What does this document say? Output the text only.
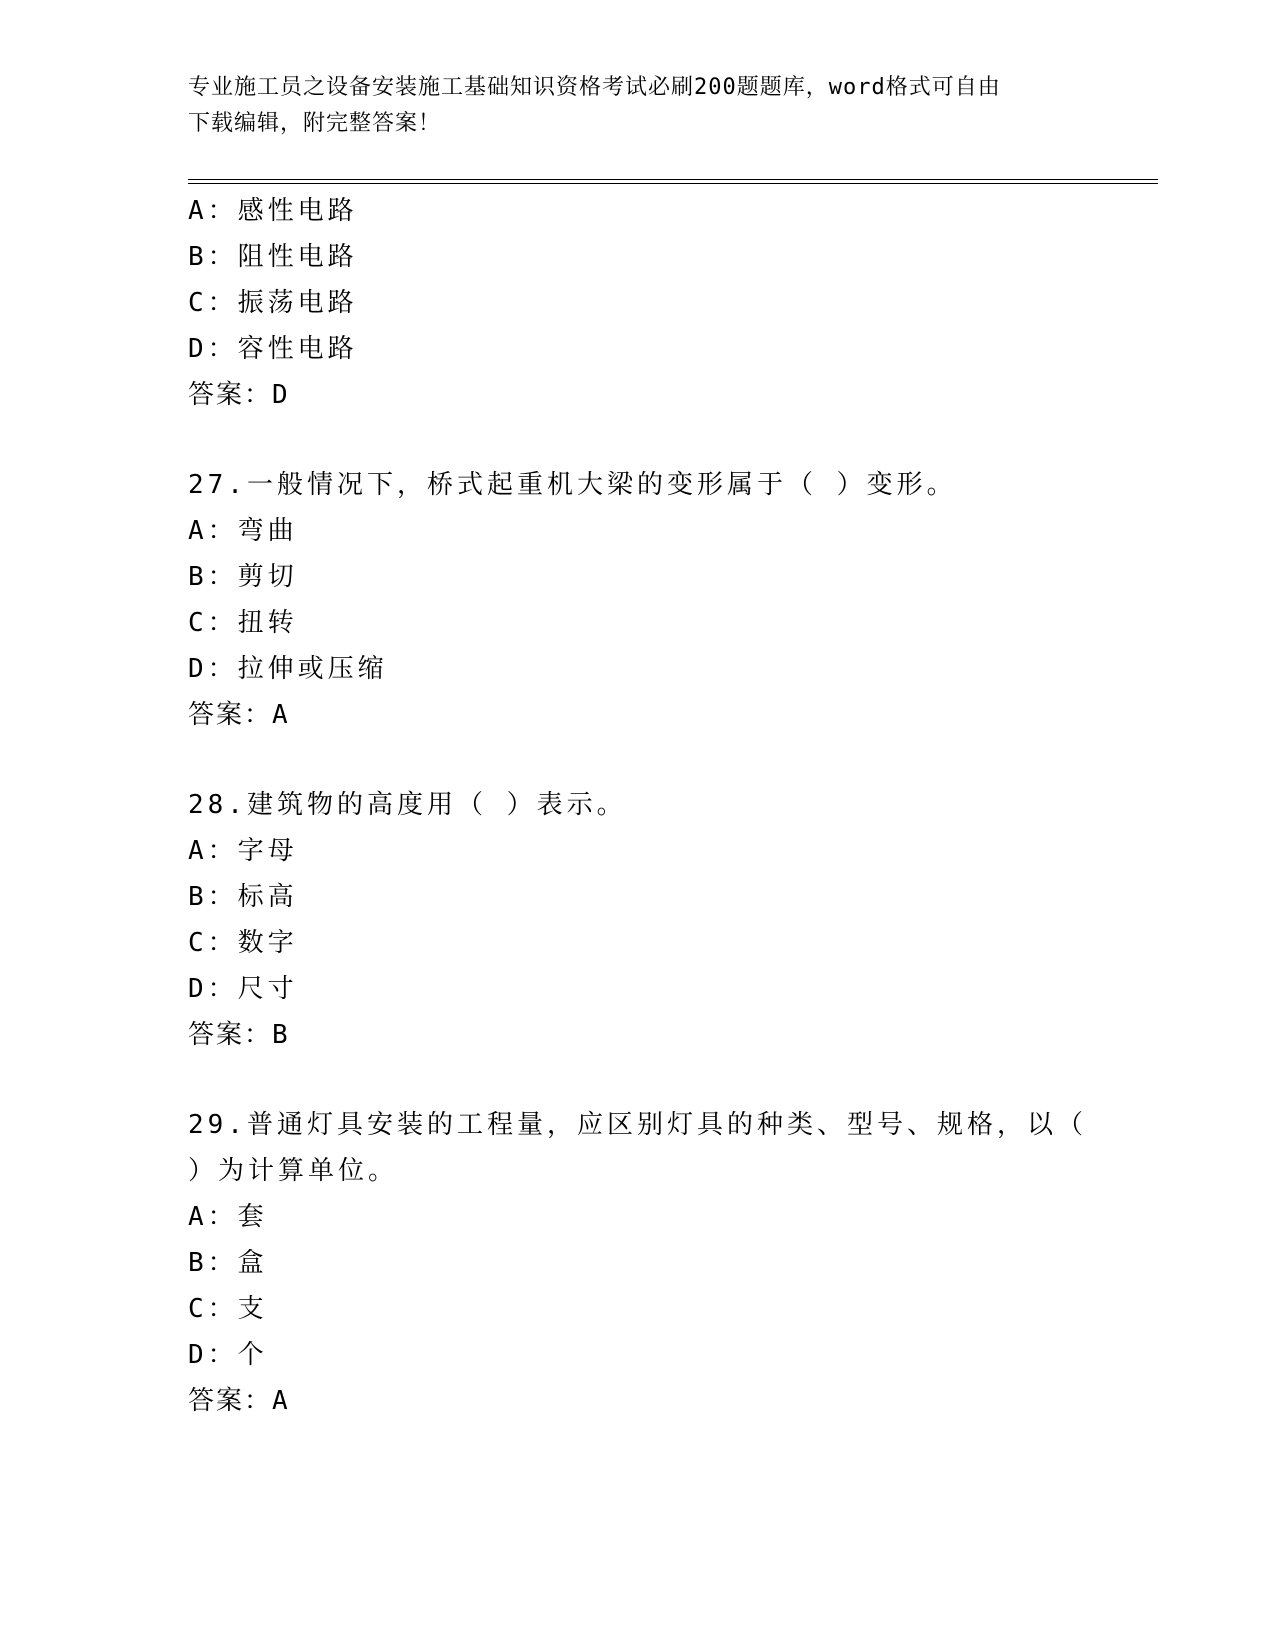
专业施工员之设备安装施工基础知识资格考试必刷200题题库，word格式可自由
下载编辑，附完整答案！
A：感性电路
B：阻性电路
C：振荡电路
D：容性电路
答案：D
27.一般情况下，桥式起重机大梁的变形属于（ ）变形。
A：弯曲
B：剪切
C：扭转
D：拉伸或压缩
答案：A
28.建筑物的高度用（ ）表示。
A：字母
B：标高
C：数字
D：尺寸
答案：B
29.普通灯具安装的工程量，应区别灯具的种类、型号、规格，以（
）为计算单位。
A：套
B：盒
C：支
D：个
答案：A
